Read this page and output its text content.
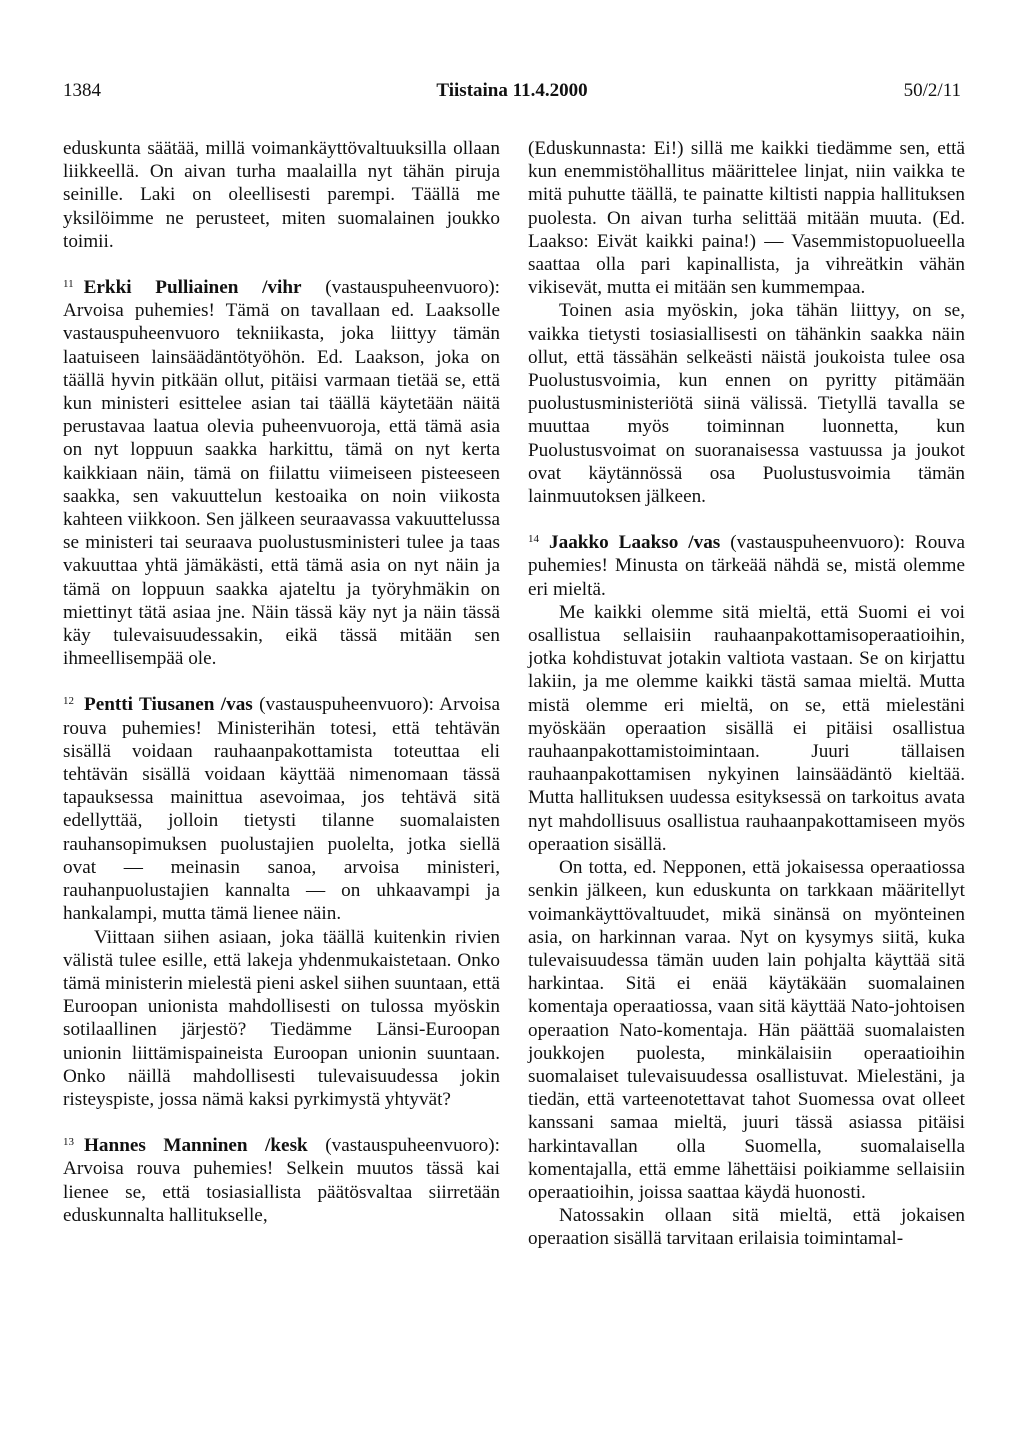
1384	Tiistaina 11.4.2000	50/2/11

eduskunta säätää, millä voimankäyttövaltuuksilla ollaan liikkeellä. On aivan turha maalailla nyt tähän piruja seinille. Laki on oleellisesti parempi. Täällä me yksilöimme ne perusteet, miten suomalainen joukko toimii.

$^{11}$ Erkki Pulliainen /vihr (vastauspuheenvuoro): Arvoisa puhemies! Tämä on tavallaan ed. Laaksolle vastauspuheenvuoro tekniikasta, joka liittyy tämän laatuiseen lainsäädäntötyöhön. Ed. Laakson, joka on täällä hyvin pitkään ollut, pitäisi varmaan tietää se, että kun ministeri esittelee asian tai täällä käytetään näitä perustavaa laatua olevia puheenvuoroja, että tämä asia on nyt loppuun saakka harkittu, tämä on nyt kerta kaikkiaan näin, tämä on fiilattu viimeiseen pisteeseen saakka, sen vakuuttelun kestoaika on noin viikosta kahteen viikkoon. Sen jälkeen seuraavassa vakuuttelussa se ministeri tai seuraava puolustusministeri tulee ja taas vakuuttaa yhtä jämäkästi, että tämä asia on nyt näin ja tämä on loppuun saakka ajateltu ja työryhmäkin on miettinyt tätä asiaa jne. Näin tässä käy nyt ja näin tässä käy tulevaisuudessakin, eikä tässä mitään sen ihmeellisempää ole.

$^{12}$ Pentti Tiusanen /vas (vastauspuheenvuoro): Arvoisa rouva puhemies! Ministerihän totesi, että tehtävän sisällä voidaan rauhaanpakottamista toteuttaa eli tehtävän sisällä voidaan käyttää nimenomaan tässä tapauksessa mainittua asevoimaa, jos tehtävä sitä edellyttää, jolloin tietysti tilanne suomalaisten rauhansopimuksen puolustajien puolelta, jotka siellä ovat — meinasin sanoa, arvoisa ministeri, rauhanpuolustajien kannalta — on uhkaavampi ja hankalampi, mutta tämä lienee näin.

Viittaan siihen asiaan, joka täällä kuitenkin rivien välistä tulee esille, että lakeja yhdenmukaistetaan. Onko tämä ministerin mielestä pieni askel siihen suuntaan, että Euroopan unionista mahdollisesti on tulossa myöskin sotilaallinen järjestö? Tiedämme Länsi-Euroopan unionin liittämispaineista Euroopan unionin suuntaan. Onko näillä mahdollisesti tulevaisuudessa jokin risteyspiste, jossa nämä kaksi pyrkimystä yhtyvät?

$^{13}$ Hannes Manninen /kesk (vastauspuheenvuoro): Arvoisa rouva puhemies! Selkein muutos tässä kai lienee se, että tosiasiallista päätösvaltaa siirretään eduskunnalta hallitukselle,

(Eduskunnasta: Ei!) sillä me kaikki tiedämme sen, että kun enemmistöhallitus määrittelee linjat, niin vaikka te mitä puhutte täällä, te painatte kiltisti nappia hallituksen puolesta. On aivan turha selittää mitään muuta. (Ed. Laakso: Eivät kaikki paina!) — Vasemmistopuolueella saattaa olla pari kapinallista, ja vihreätkin vähän vikisevät, mutta ei mitään sen kummempaa.

Toinen asia myöskin, joka tähän liittyy, on se, vaikka tietysti tosiasiallisesti on tähänkin saakka näin ollut, että tässähän selkeästi näistä joukoista tulee osa Puolustusvoimia, kun ennen on pyritty pitämään puolustusministeriötä siinä välissä. Tietyllä tavalla se muuttaa myös toiminnan luonnetta, kun Puolustusvoimat on suoranaisessa vastuussa ja joukot ovat käytännössä osa Puolustusvoimia tämän lainmuutoksen jälkeen.

$^{14}$ Jaakko Laakso /vas (vastauspuheenvuoro): Rouva puhemies! Minusta on tärkeää nähdä se, mistä olemme eri mieltä.

Me kaikki olemme sitä mieltä, että Suomi ei voi osallistua sellaisiin rauhaanpakottamisoperaatioihin, jotka kohdistuvat jotakin valtiota vastaan. Se on kirjattu lakiin, ja me olemme kaikki tästä samaa mieltä. Mutta mistä olemme eri mieltä, on se, että mielestäni myöskään operaation sisällä ei pitäisi osallistua rauhaanpakottamistoimintaan. Juuri tällaisen rauhaanpakottamisen nykyinen lainsäädäntö kieltää. Mutta hallituksen uudessa esityksessä on tarkoitus avata nyt mahdollisuus osallistua rauhaanpakottamiseen myös operaation sisällä.

On totta, ed. Nepponen, että jokaisessa operaatiossa senkin jälkeen, kun eduskunta on tarkkaan määritellyt voimankäyttövaltuudet, mikä sinänsä on myönteinen asia, on harkinnan varaa. Nyt on kysymys siitä, kuka tulevaisuudessa tämän uuden lain pohjalta käyttää sitä harkintaa. Sitä ei enää käytäkään suomalainen komentaja operaatiossa, vaan sitä käyttää Nato-johtoisen operaation Nato-komentaja. Hän päättää suomalaisten joukkojen puolesta, minkälaisiin operaatioihin suomalaiset tulevaisuudessa osallistuvat. Mielestäni, ja tiedän, että varteenotettavat tahot Suomessa ovat olleet kanssani samaa mieltä, juuri tässä asiassa pitäisi harkintavallan olla Suomella, suomalaisella komentajalla, että emme lähettäisi poikiamme sellaisiin operaatioihin, joissa saattaa käydä huonosti.

Natossakin ollaan sitä mieltä, että jokaisen operaation sisällä tarvitaan erilaisia toimintamal-
